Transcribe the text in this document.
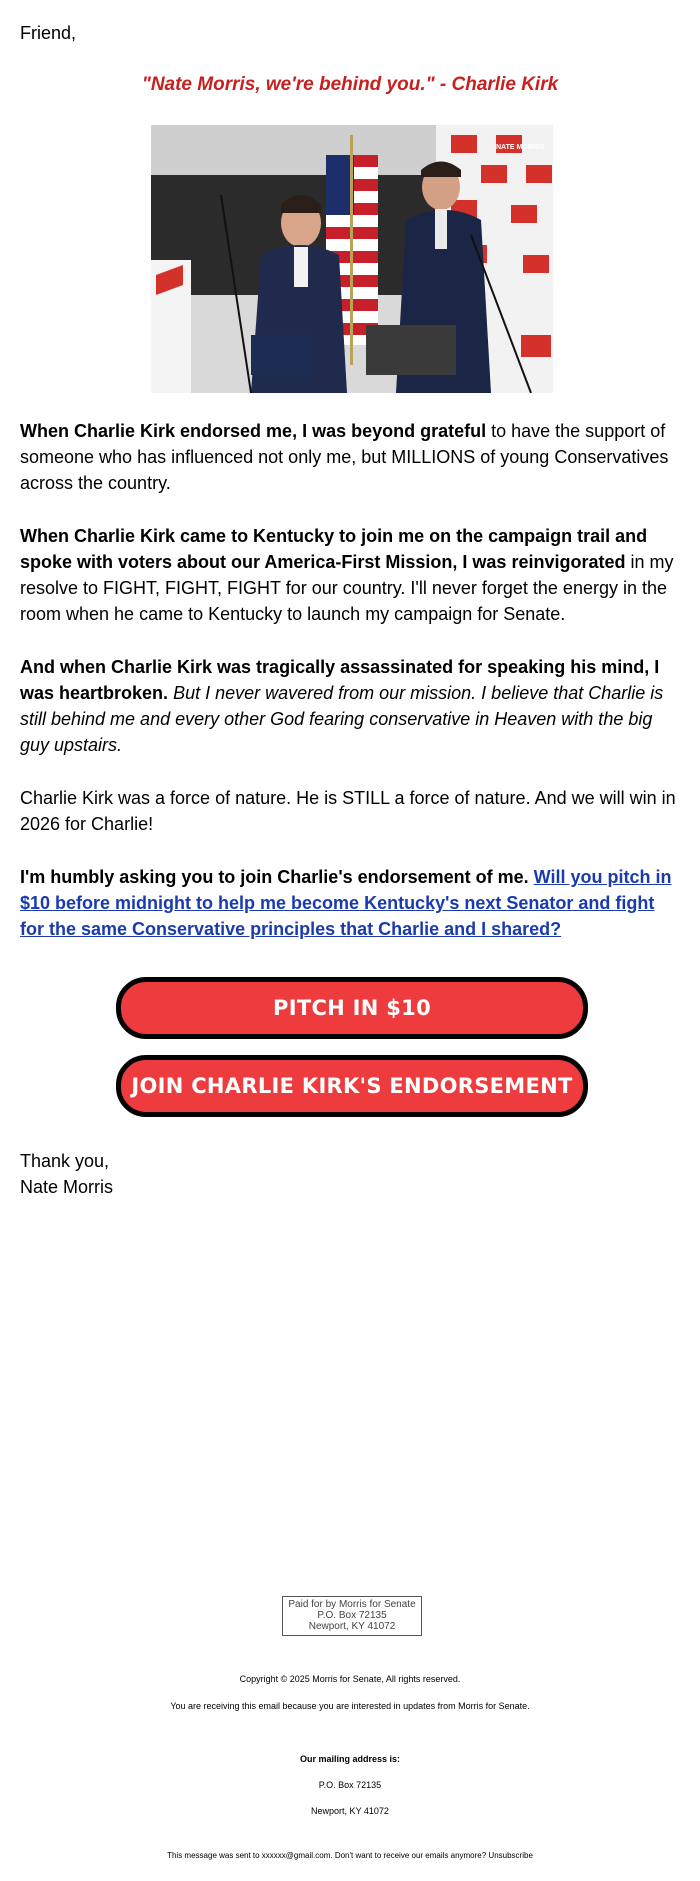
Friend,
"Nate Morris, we're behind you." - Charlie Kirk
NATE MORRIS

When Charlie Kirk endorsed me, I was beyond grateful to have the support of someone who has influenced not only me, but MILLIONS of young Conservatives across the country.

When Charlie Kirk came to Kentucky to join me on the campaign trail and spoke with voters about our America-First Mission, I was reinvigorated in my resolve to FIGHT, FIGHT, FIGHT for our country. I'll never forget the energy in the room when he came to Kentucky to launch my campaign for Senate.

And when Charlie Kirk was tragically assassinated for speaking his mind, I was heartbroken. But I never wavered from our mission. I believe that Charlie is still behind me and every other God fearing conservative in Heaven with the big guy upstairs.

Charlie Kirk was a force of nature. He is STILL a force of nature. And we will win in 2026 for Charlie!

I'm humbly asking you to join Charlie's endorsement of me. Will you pitch in $10 before midnight to help me become Kentucky's next Senator and fight for the same Conservative principles that Charlie and I shared?

PITCH IN $10
JOIN CHARLIE KIRK'S ENDORSEMENT
Thank you,
Nate Morris
Paid for by Morris for Senate
P.O. Box 72135
Newport, KY 41072
Copyright © 2025 Morris for Senate, All rights reserved.
You are receiving this email because you are interested in updates from Morris for Senate.
Our mailing address is:
P.O. Box 72135
Newport, KY 41072
This message was sent to xxxxxx@gmail.com. Don't want to receive our emails anymore? Unsubscribe
